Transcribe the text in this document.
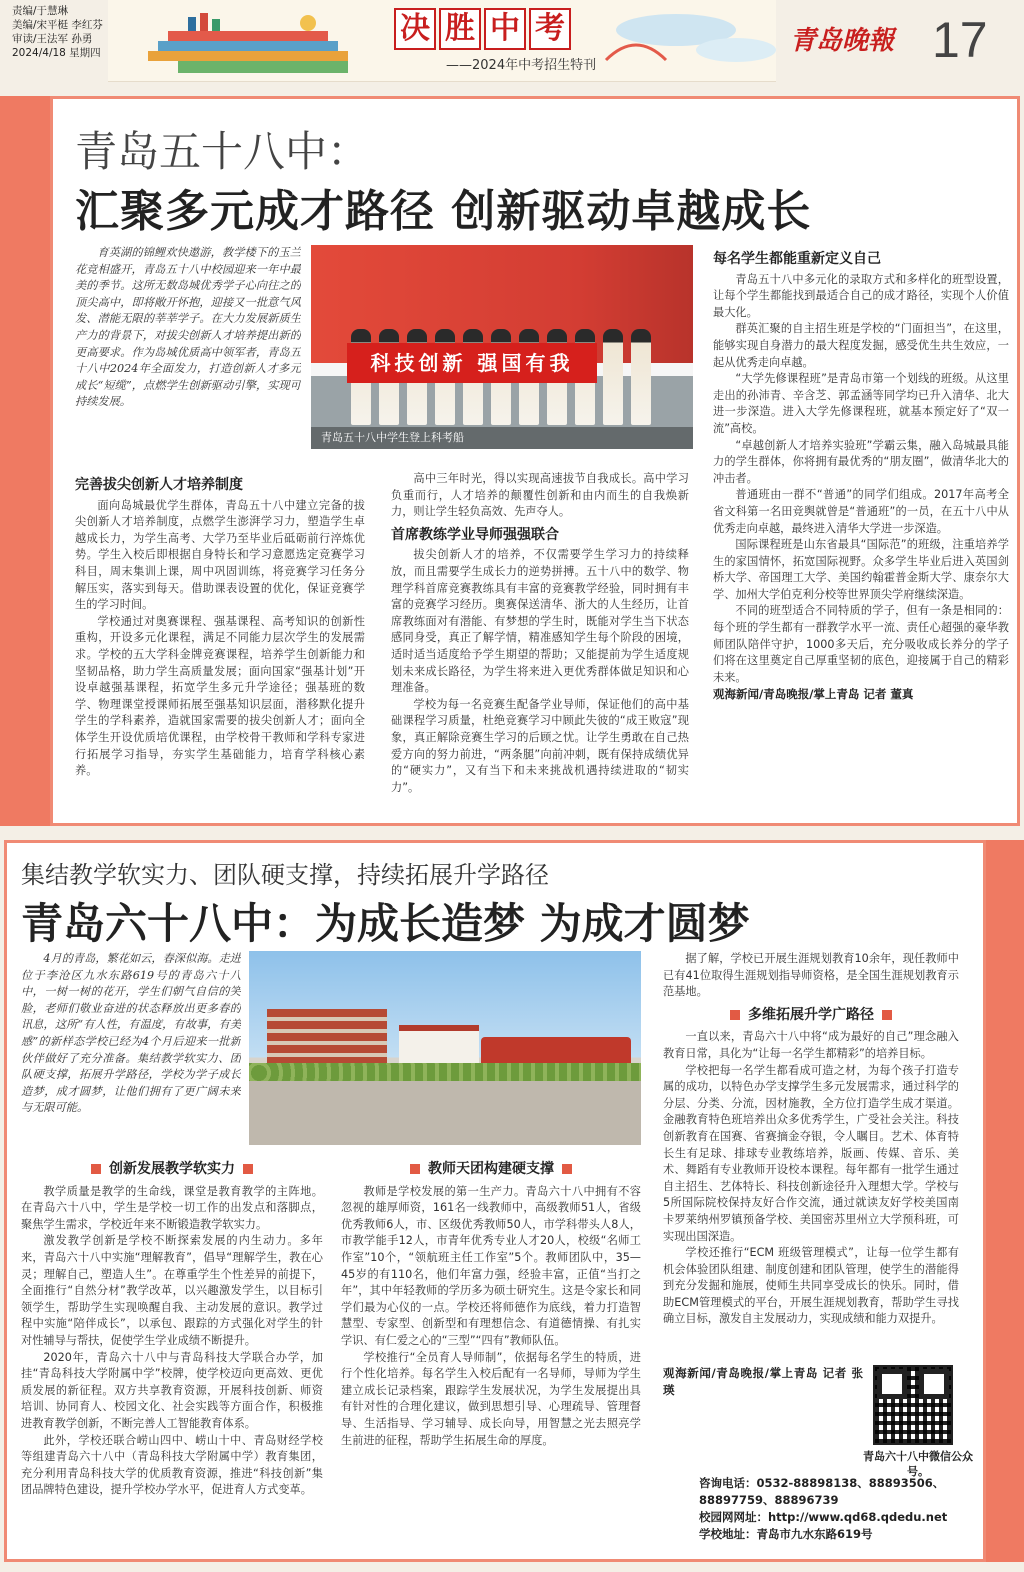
责编/于慧琳
美编/宋平梃 李红芬
审读/王法军 孙勇
2024/4/18 星期四
决 胜 中 考
——2024年中考招生特刊
青岛晚報 17
青岛五十八中：
汇聚多元成才路径 创新驱动卓越成长

育英湖的锦鲤欢快遨游，教学楼下的玉兰花竞相盛开，青岛五十八中校园迎来一年中最美的季节。这所无数岛城优秀学子心向往之的顶尖高中，即将敞开怀抱，迎接又一批意气风发、潜能无限的莘莘学子。在大力发展新质生产力的背景下，对拔尖创新人才培养提出新的更高要求。作为岛城优质高中领军者，青岛五十八中2024年全面发力，打造创新人才多元成长“短缆”，点燃学生创新驱动引擎，实现可持续发展。

科技创新 强国有我
青岛五十八中学生登上科考船
完善拔尖创新人才培养制度

面向岛城最优学生群体，青岛五十八中建立完备的拔尖创新人才培养制度，点燃学生澎湃学习力，塑造学生卓越成长力，为学生高考、大学乃至毕业后砥砺前行淬炼优势。学生入校后即根据自身特长和学习意愿选定竞赛学习科目，周末集训上课，周中巩固训练，将竞赛学习任务分解压实，落实到每天。借助课表设置的优化，保证竞赛学生的学习时间。

学校通过对奥赛课程、强基课程、高考知识的创新性重构，开设多元化课程，满足不同能力层次学生的发展需求。学校的五大学科金牌竞赛课程，培养学生创新能力和坚韧品格，助力学生高质量发展；面向国家“强基计划”开设卓越强基课程，拓宽学生多元升学途径；强基班的数学、物理课堂授课师拓展至强基知识层面，潜移默化提升学生的学科素养，造就国家需要的拔尖创新人才；面向全体学生开设优质培优课程，由学校骨干教师和学科专家进行拓展学习指导，夯实学生基础能力，培育学科核心素养。

高中三年时光，得以实现高速拔节自我成长。高中学习负重而行，人才培养的颠覆性创新和由内而生的自我焕新力，则让学生轻负高效、先声夺人。

首席教练学业导师强强联合

拔尖创新人才的培养，不仅需要学生学习力的持续释放，而且需要学生成长力的逆势拼搏。五十八中的数学、物理学科首席竞赛教练具有丰富的竞赛教学经验，同时拥有丰富的竞赛学习经历。奥赛保送清华、浙大的人生经历，让首席教练面对有潜能、有梦想的学生时，既能对学生当下状态感同身受，真正了解学情，精准感知学生每个阶段的困境，适时适当适度给予学生期望的帮助；又能提前为学生适度规划未来成长路径，为学生将来进入更优秀群体做足知识和心理准备。

学校为每一名竞赛生配备学业导师，保证他们的高中基础课程学习质量，杜绝竞赛学习中顾此失彼的“成王败寇”现象，真正解除竞赛生学习的后顾之忧。让学生勇敢在自己热爱方向的努力前进，“两条腿”向前冲刺，既有保持成绩优异的“硬实力”，又有当下和未来挑战机遇持续进取的“韧实力”。

每名学生都能重新定义自己

青岛五十八中多元化的录取方式和多样化的班型设置，让每个学生都能找到最适合自己的成才路径，实现个人价值最大化。

群英汇聚的自主招生班是学校的“门面担当”，在这里，能够实现自身潜力的最大程度发掘，感受优生共生效应，一起从优秀走向卓越。

“大学先修课程班”是青岛市第一个划线的班级。从这里走出的孙沛青、辛含芝、郭孟涵等同学均已升入清华、北大进一步深造。进入大学先修课程班，就基本预定好了“双一流”高校。

“卓越创新人才培养实验班”学霸云集，融入岛城最具能力的学生群体，你将拥有最优秀的“朋友圈”，做清华北大的冲击者。

普通班由一群不“普通”的同学们组成。2017年高考全省文科第一名田竞舆就曾是“普通班”的一员，在五十八中从优秀走向卓越，最终进入清华大学进一步深造。

国际课程班是山东省最具“国际范”的班级，注重培养学生的家国情怀，拓宽国际视野。众多学生毕业后进入英国剑桥大学、帝国理工大学、美国约翰霍普金斯大学、康奈尔大学、加州大学伯克利分校等世界顶尖学府继续深造。

不同的班型适合不同特质的学子，但有一条是相同的：每个班的学生都有一群教学水平一流、责任心超强的豪华教师团队陪伴守护，1000多天后，充分吸收成长养分的学子们将在这里奠定自己厚重坚韧的底色，迎接属于自己的精彩未来。

观海新闻/青岛晚报/掌上青岛 记者 董真

集结教学软实力、团队硬支撑，持续拓展升学路径
青岛六十八中：为成长造梦 为成才圆梦

4月的青岛，繁花如云，春深似海。走进位于李沧区九水东路619号的青岛六十八中，一树一树的花开，学生们朝气自信的笑脸，老师们敬业奋进的状态释放出更多春的讯息，这所“有人性，有温度，有故事，有美感”的新样态学校已经为4个月后迎来一批新伙伴做好了充分准备。集结教学软实力、团队硬支撑，拓展升学路径，学校为学子成长造梦，成才圆梦，让他们拥有了更广阔未来与无限可能。

创新发展教学软实力

教学质量是教学的生命线，课堂是教育教学的主阵地。在青岛六十八中，学生是学校一切工作的出发点和落脚点，聚焦学生需求，学校近年来不断锻造教学软实力。

激发教学创新是学校不断探索发展的内生动力。多年来，青岛六十八中实施“理解教育”，倡导“理解学生，教在心灵；理解自己，塑造人生”。在尊重学生个性差异的前提下，全面推行“自然分材”教学改革，以兴趣激发学生，以目标引领学生，帮助学生实现唤醒自我、主动发展的意识。教学过程中实施“陪伴成长”，以承包、跟踪的方式强化对学生的针对性辅导与帮扶，促使学生学业成绩不断提升。

2020年，青岛六十八中与青岛科技大学联合办学，加挂“青岛科技大学附属中学”校牌，使学校迈向更高效、更优质发展的新征程。双方共享教育资源，开展科技创新、师资培训、协同育人、校园文化、社会实践等方面合作，积极推进教育教学创新，不断完善人工智能教育体系。

此外，学校还联合崂山四中、崂山十中、青岛财经学校等组建青岛六十八中（青岛科技大学附属中学）教育集团，充分利用青岛科技大学的优质教育资源，推进“科技创新”集团品牌特色建设，提升学校办学水平，促进育人方式变革。

教师天团构建硬支撑

教师是学校发展的第一生产力。青岛六十八中拥有不容忽视的雄厚师资，161名一线教师中，高级教师51人，省级优秀教师6人，市、区级优秀教师50人，市学科带头人8人，市教学能手12人，市青年优秀专业人才20人，校级“名师工作室”10个，“领航班主任工作室”5个。教师团队中，35—45岁的有110名，他们年富力强，经验丰富，正值“当打之年”，其中年轻教师的学历多为硕士研究生。这是令家长和同学们最为心仪的一点。学校还将师德作为底线，着力打造智慧型、专家型、创新型和有理想信念、有道德情操、有扎实学识、有仁爱之心的“三型”“四有”教师队伍。

学校推行“全员育人导师制”，依据每名学生的特质，进行个性化培养。每名学生入校后配有一名导师，导师为学生建立成长记录档案，跟踪学生发展状况，为学生发展提出具有针对性的合理化建议，做到思想引导、心理疏导、管理督导、生活指导、学习辅导、成长向导，用智慧之光去照亮学生前进的征程，帮助学生拓展生命的厚度。

据了解，学校已开展生涯规划教育10余年，现任教师中已有41位取得生涯规划指导师资格，是全国生涯规划教育示范基地。

多维拓展升学广路径

一直以来，青岛六十八中将“成为最好的自己”理念融入教育日常，具化为“让每一名学生都精彩”的培养目标。

学校把每一名学生都看成可造之材，为每个孩子打造专属的成功，以特色办学支撑学生多元发展需求，通过科学的分层、分类、分流，因材施教，全方位打造学生成才渠道。金融教育特色班培养出众多优秀学生，广受社会关注。科技创新教育在国赛、省赛摘金夺银，令人瞩目。艺术、体育特长生有足球、排球专业教练培养，版画、传媒、音乐、美术、舞蹈有专业教师开设校本课程。每年都有一批学生通过自主招生、艺体特长、科技创新途径升入理想大学。学校与5所国际院校保持友好合作交流，通过就读友好学校美国南卡罗莱纳州罗镇预备学校、美国密苏里州立大学预科班，可实现出国深造。

学校还推行“ECM 班级管理模式”，让每一位学生都有机会体验团队组建、制度创建和团队管理，使学生的潜能得到充分发掘和施展，使师生共同享受成长的快乐。同时，借助ECM管理模式的平台，开展生涯规划教育，帮助学生寻找确立目标，激发自主发展动力，实现成绩和能力双提升。

观海新闻/青岛晚报/掌上青岛 记者 张瑛

青岛六十八中微信公众号。
咨询电话：0532-88898138、88893506、
88897759、88896739
校园网网址：http://www.qd68.qdedu.net
学校地址：青岛市九水东路619号
